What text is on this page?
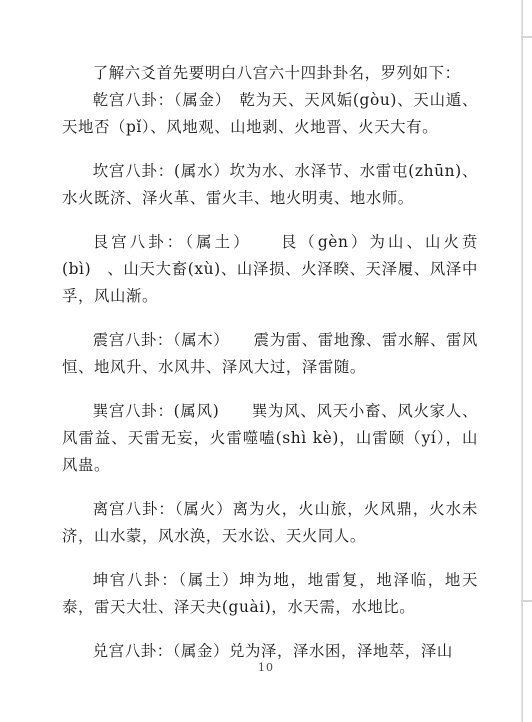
了解六爻首先要明白八宫六十四卦卦名，罗列如下：

乾宫八卦：（属金）　乾为天、天风姤(gòu)、天山遁、天地否（pǐ）、风地观、山地剥、火地晋、火天大有。

坎宫八卦：(属水）坎为水、水泽节、水雷屯(zhūn)、水火既济、泽火革、雷火丰、地火明夷、地水师。

艮宫八卦：（属土）　　艮（gèn）为山、山火贲(bì)　、山天大畜(xù)、山泽损、火泽睽、天泽履、风泽中孚，风山渐。

震宫八卦：（属木）　　震为雷、雷地豫、雷水解、雷风恒、地风升、水风井、泽风大过，泽雷随。

巽宫八卦：(属风)　　巽为风、风天小畜、风火家人、风雷益、天雷无妄，火雷噬嗑(shì kè)，山雷颐（yí），山风蛊。

离宫八卦：（属火）离为火，火山旅，火风鼎，火水未济，山水蒙，风水涣，天水讼、天火同人。

坤官八卦：（属土）坤为地，地雷复，地泽临，地天泰，雷天大壮、泽天夬(guài)，水天需，水地比。

兑宫八卦：（属金）兑为泽，泽水困，泽地萃，泽山

10
